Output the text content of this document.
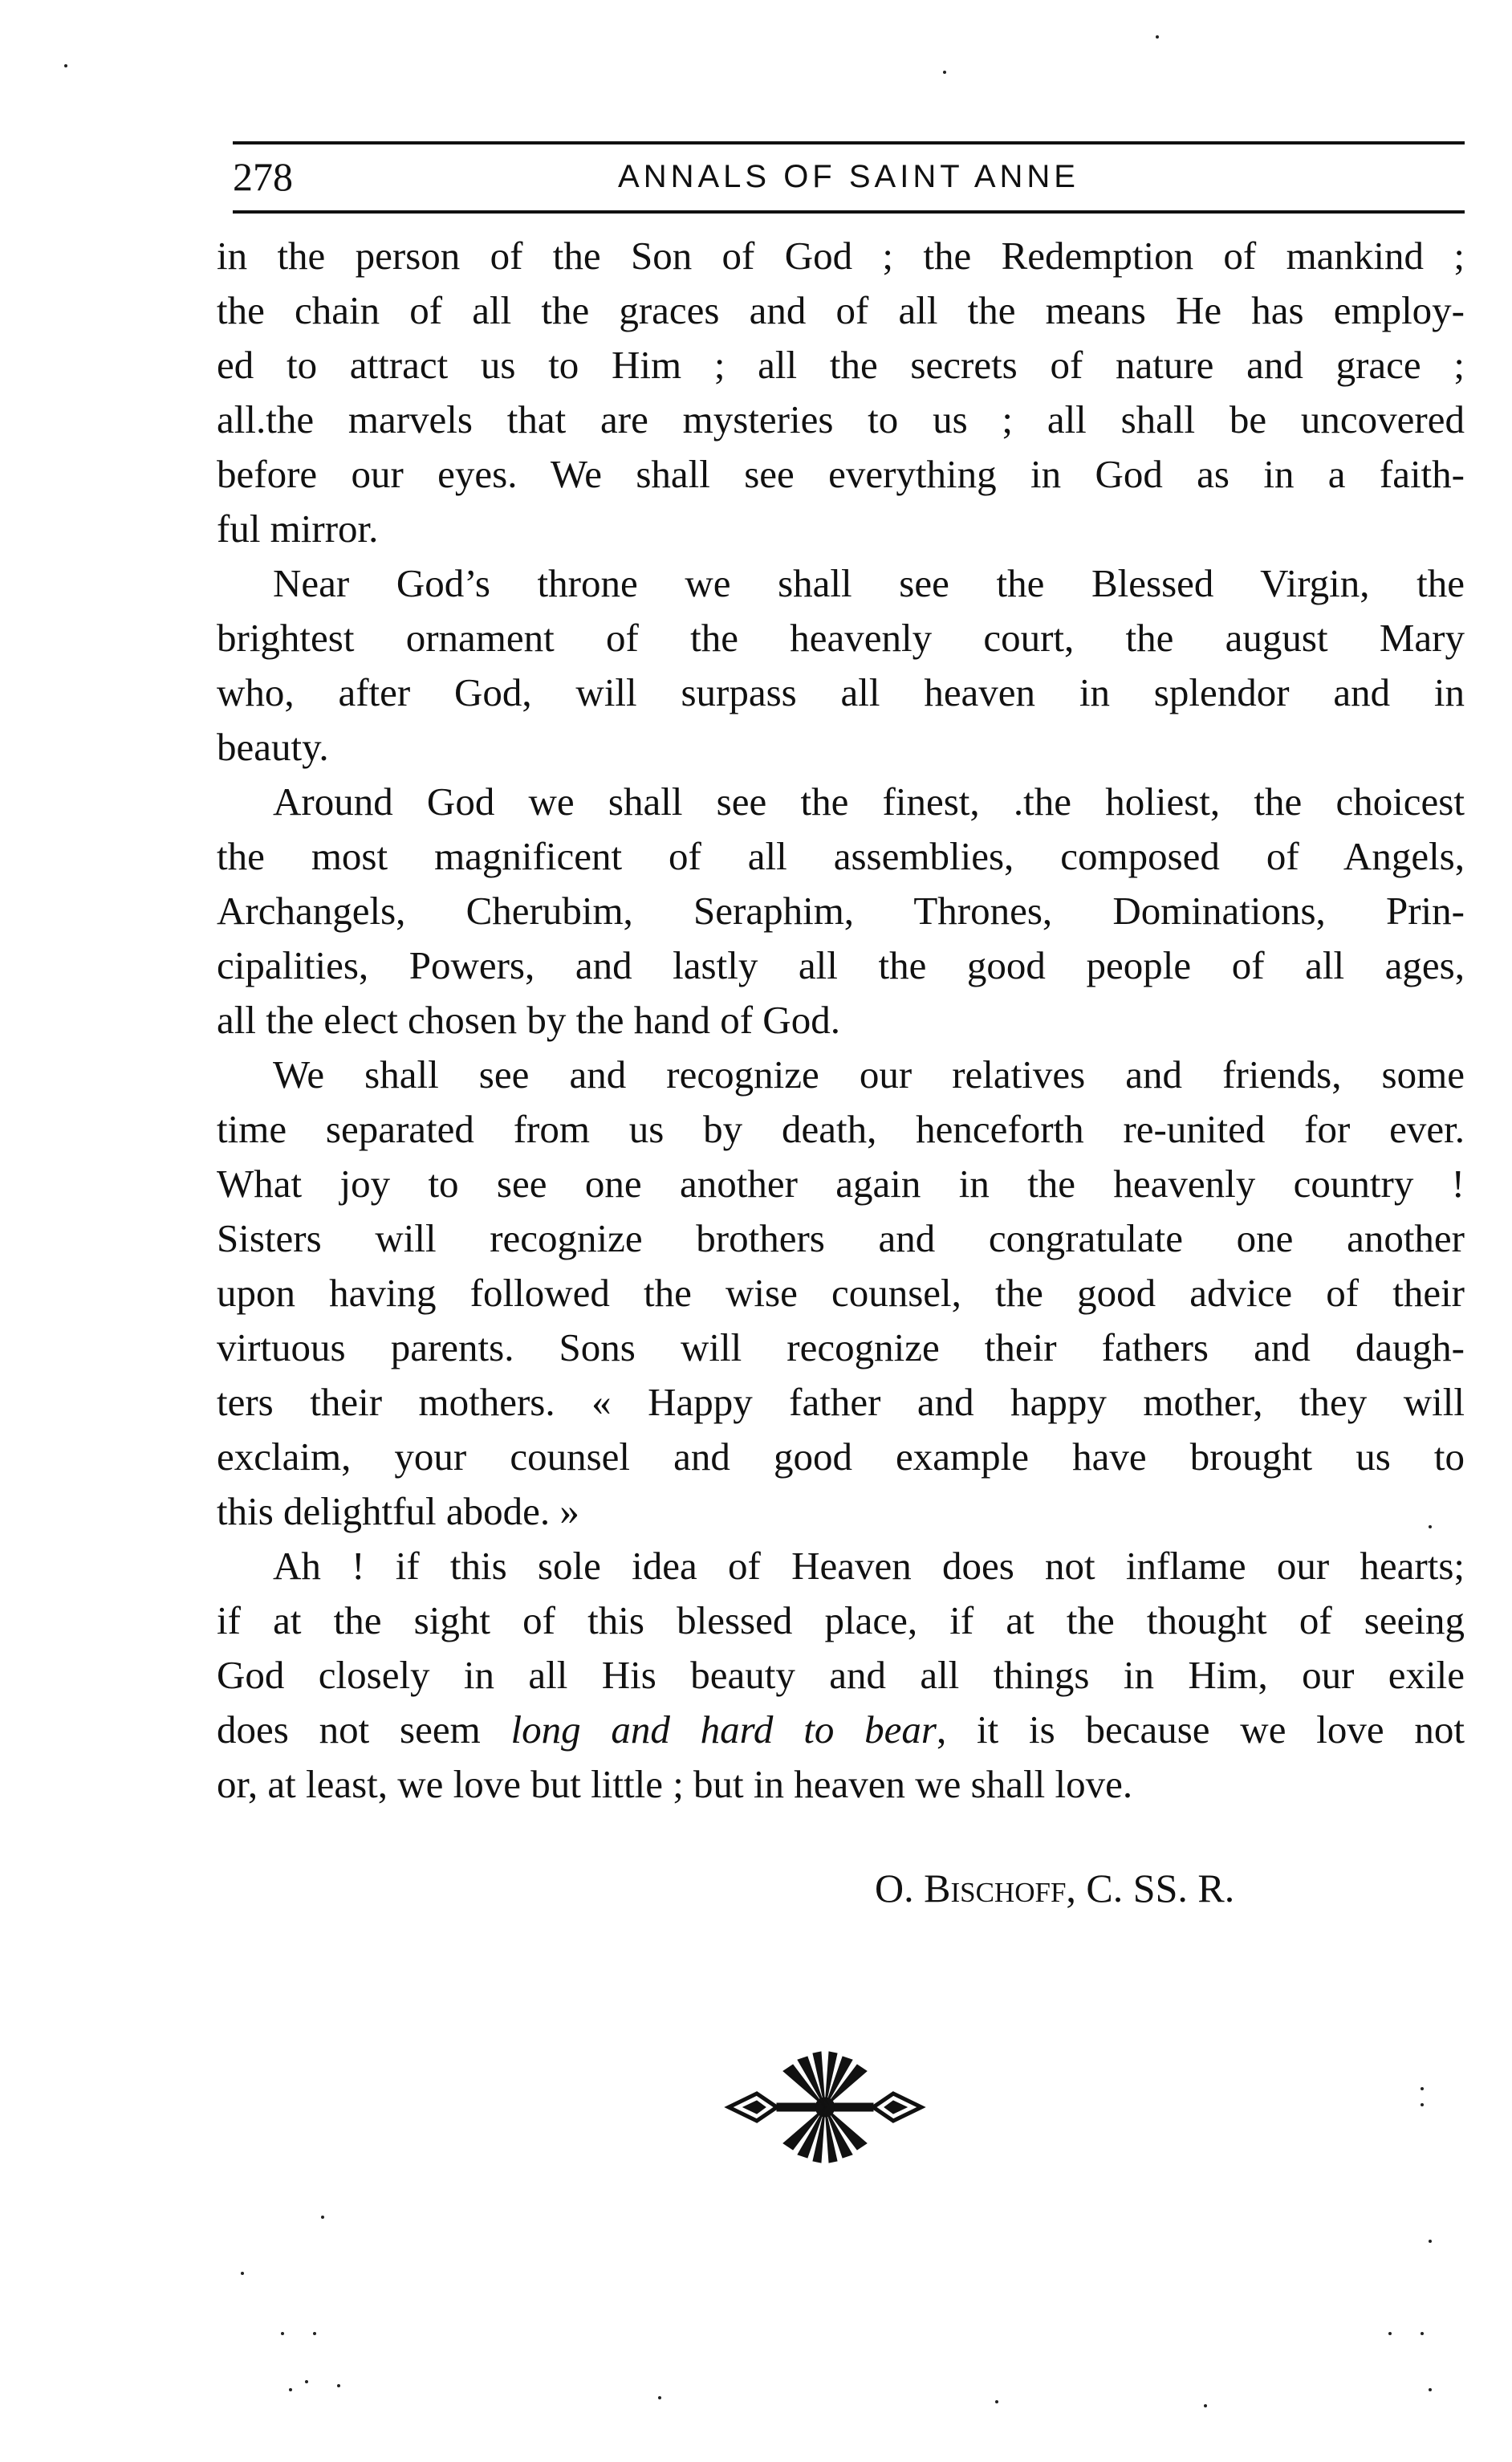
278	ANNALS OF SAINT ANNE
in the person of the Son of God ; the Redemption of mankind ;
the chain of all the graces and of all the means He has employ-
ed to attract us to Him ; all the secrets of nature and grace ;
all.the marvels that are mysteries to us ; all shall be uncovered
before our eyes. We shall see everything in God as in a faith-
ful mirror.
Near God’s throne we shall see the Blessed Virgin, the
brightest ornament of the heavenly court, the august Mary
who, after God, will surpass all heaven in splendor and in
beauty.
Around God we shall see the finest, .the holiest, the choicest
the most magnificent of all assemblies, composed of Angels,
Archangels, Cherubim, Seraphim, Thrones, Dominations, Prin-
cipalities, Powers, and lastly all the good people of all ages,
all the elect chosen by the hand of God.
We shall see and recognize our relatives and friends, some
time separated from us by death, henceforth re-united for ever.
What joy to see one another again in the heavenly country !
Sisters will recognize brothers and congratulate one another
upon having followed the wise counsel, the good advice of their
virtuous parents. Sons will recognize their fathers and daugh-
ters their mothers. « Happy father and happy mother, they will
exclaim, your counsel and good example have brought us to
this delightful abode. »
Ah ! if this sole idea of Heaven does not inflame our hearts;
if at the sight of this blessed place, if at the thought of seeing
God closely in all His beauty and all things in Him, our exile
does not seem long and hard to bear, it is because we love not
or, at least, we love but little ; but in heaven we shall love.
O. Bischoff, C. SS. R.
